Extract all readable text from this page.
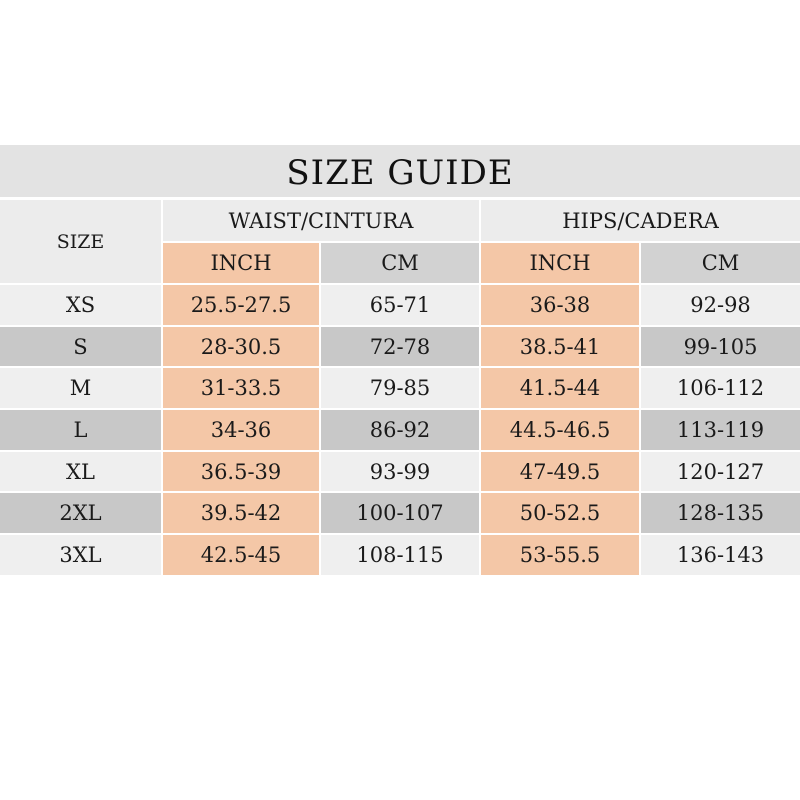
SIZE GUIDE
SIZE	WAIST/CINTURA		HIPS/CADERA	
	INCH	CM	INCH	CM
XS	25.5-27.5	65-71	36-38	92-98
S	28-30.5	72-78	38.5-41	99-105
M	31-33.5	79-85	41.5-44	106-112
L	34-36	86-92	44.5-46.5	113-119
XL	36.5-39	93-99	47-49.5	120-127
2XL	39.5-42	100-107	50-52.5	128-135
3XL	42.5-45	108-115	53-55.5	136-143
